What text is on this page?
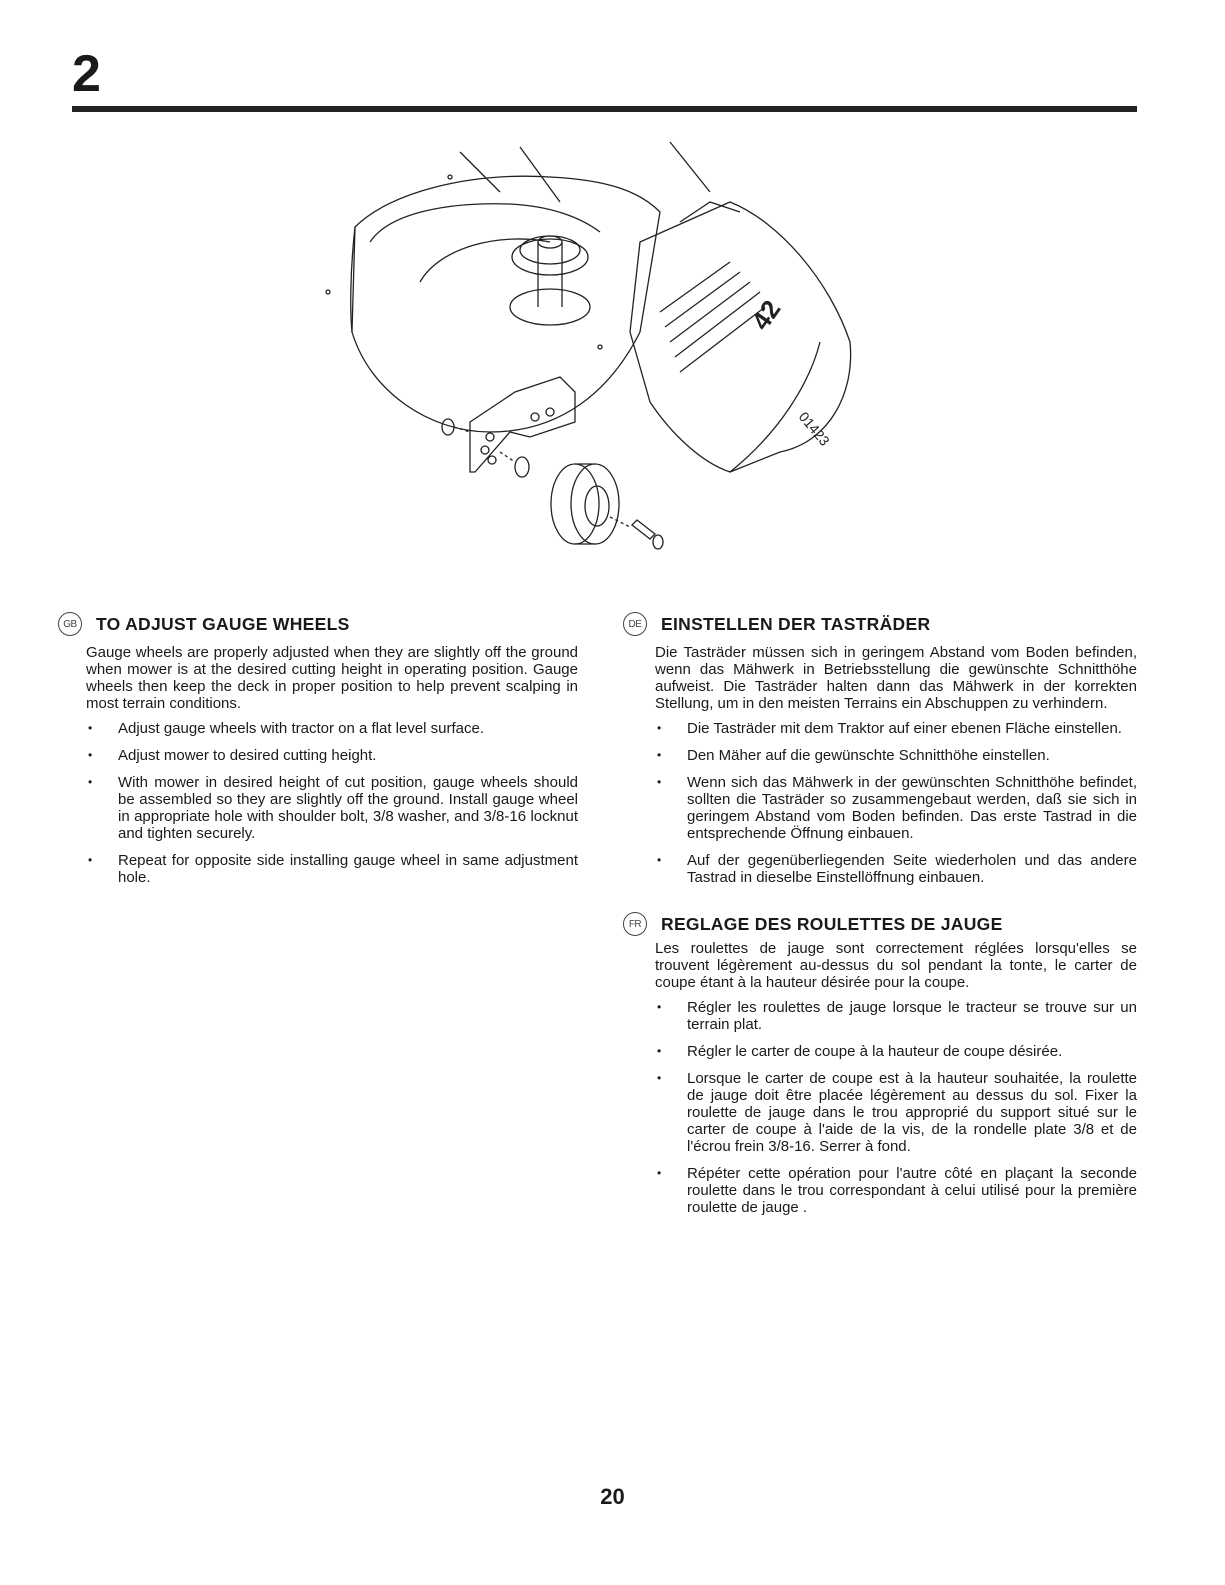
2
42
01423
GB	TO ADJUST GAUGE WHEELS

Gauge wheels are properly adjusted when they are slightly off the ground when mower is at the desired cutting height in operating position. Gauge wheels then keep the deck in proper position to help prevent scalping in most terrain conditions.

• Adjust gauge wheels with tractor on a flat level surface.
• Adjust mower to desired cutting height.
• With mower in desired height of cut position, gauge wheels should be assembled so they are slightly off the ground. Install gauge wheel in appropriate hole with shoulder bolt, 3/8 washer, and 3/8-16 locknut and tighten securely.
• Repeat for opposite side installing gauge wheel in same adjustment hole.
DE	EINSTELLEN DER TASTRÄDER

Die Tasträder müssen sich in geringem Abstand vom Boden befinden, wenn das Mähwerk in Betriebsstellung die gewünschte Schnitthöhe aufweist. Die Tasträder halten dann das Mähwerk in der korrekten Stellung, um in den meisten Terrains ein Abschuppen zu verhindern.

• Die Tasträder mit dem Traktor auf einer ebenen Fläche einstellen.
• Den Mäher auf die gewünschte Schnitthöhe einstellen.
• Wenn sich das Mähwerk in der gewünschten Schnitthöhe befindet, sollten die Tasträder so zusammengebaut werden, daß sie sich in geringem Abstand vom Boden befinden. Das erste Tastrad in die entsprechende Öffnung einbauen.
• Auf der gegenüberliegenden Seite wiederholen und das andere Tastrad in dieselbe Einstellöffnung einbauen.
FR	REGLAGE DES ROULETTES DE JAUGE

Les roulettes de jauge sont correctement réglées lorsqu'elles se trouvent légèrement au-dessus du sol pendant la tonte, le carter de coupe étant à la hauteur désirée pour la coupe.

• Régler les roulettes de jauge lorsque le tracteur se trouve sur un terrain plat.
• Régler le carter de coupe à la hauteur de coupe désirée.
• Lorsque le carter de coupe est à la hauteur souhaitée, la roulette de jauge doit être placée légèrement au dessus du sol. Fixer la roulette de jauge dans le trou approprié du support situé sur le carter de coupe à l'aide de la vis, de la rondelle plate 3/8 et de l'écrou frein 3/8-16. Serrer à fond.
• Répéter cette opération pour l'autre côté en plaçant la seconde roulette dans le trou correspondant à celui utilisé pour la première roulette de jauge .
20
